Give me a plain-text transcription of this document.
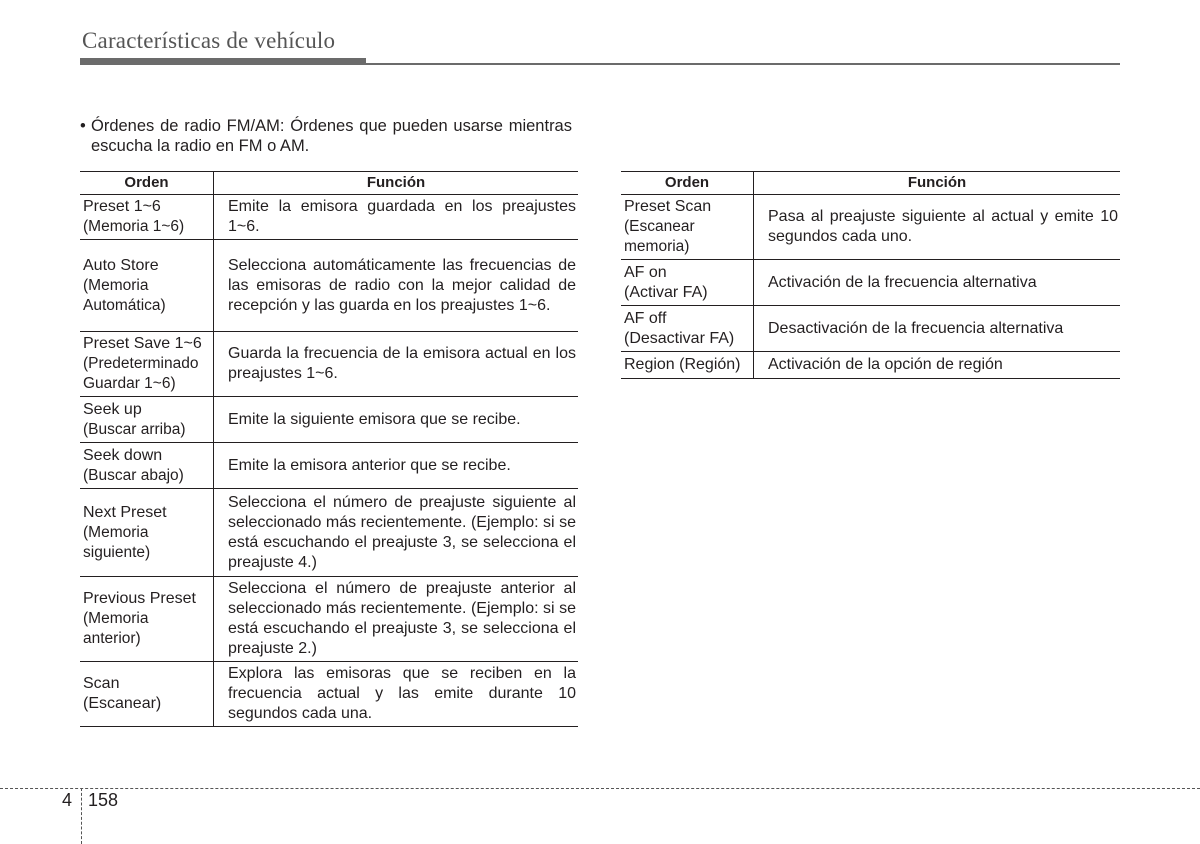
Características de vehículo
• Órdenes de radio FM/AM: Órdenes que pueden usarse mientras escucha la radio en FM o AM.
Orden	Función

Preset 1~6
(Memoria 1~6)	Emite la emisora guardada en los preajustes 1~6.

Auto Store
(Memoria
Automática)	Selecciona automáticamente las frecuencias de las emisoras de radio con la mejor calidad de recepción y las guarda en los preajustes 1~6.

Preset Save 1~6
(Predeterminado
Guardar 1~6)	Guarda la frecuencia de la emisora actual en los preajustes 1~6.

Seek up
(Buscar arriba)	Emite la siguiente emisora que se recibe.

Seek down
(Buscar abajo)	Emite la emisora anterior que se recibe.

Next Preset
(Memoria
siguiente)	Selecciona el número de preajuste siguiente al seleccionado más recientemente. (Ejemplo: si se está escuchando el preajuste 3, se selecciona el preajuste 4.)

Previous Preset
(Memoria
anterior)	Selecciona el número de preajuste anterior al seleccionado más recientemente. (Ejemplo: si se está escuchando el preajuste 3, se selecciona el preajuste 2.)

Scan
(Escanear)	Explora las emisoras que se reciben en la frecuencia actual y las emite durante 10 segundos cada una.
Orden	Función

Preset Scan
(Escanear
memoria)	Pasa al preajuste siguiente al actual y emite 10 segundos cada uno.

AF on
(Activar FA)	Activación de la frecuencia alternativa

AF off
(Desactivar FA)	Desactivación de la frecuencia alternativa

Region (Región)	Activación de la opción de región
4 158
